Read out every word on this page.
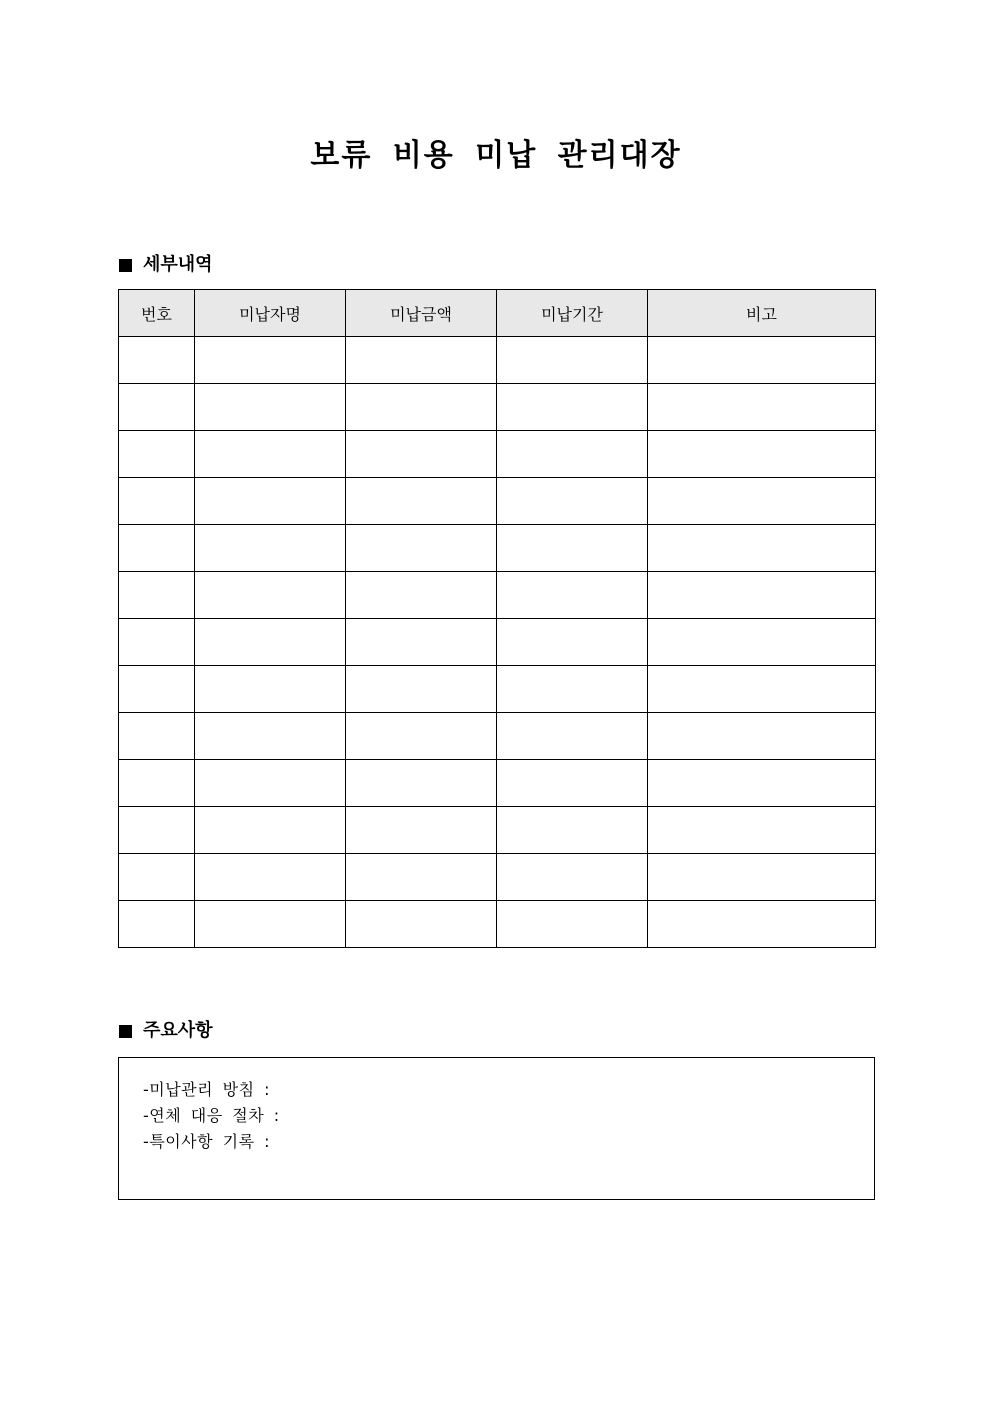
보류 비용 미납 관리대장
세부내역
번호	미납자명	미납금액	미납기간	비고

주요사항
-미납관리 방침 :
-연체 대응 절차 :
-특이사항 기록 :
